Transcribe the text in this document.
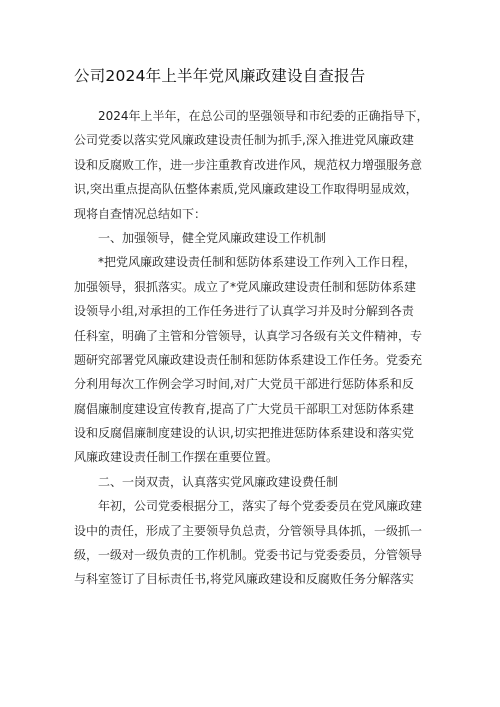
公司2024年上半年党风廉政建设自查报告
2024年上半年，在总公司的坚强领导和市纪委的正确指导下，
公司党委以落实党风廉政建设责任制为抓手,深入推进党风廉政建
设和反腐败工作，进一步注重教育改进作风，规范权力增强服务意
识,突出重点提高队伍整体素质,党风廉政建设工作取得明显成效，
现将自查情况总结如下：
一、加强领导，健全党风廉政建设工作机制
*把党风廉政建设责任制和惩防体系建设工作列入工作日程，
加强领导，狠抓落实。成立了*党风廉政建设责任制和惩防体系建
设领导小组,对承担的工作任务进行了认真学习并及时分解到各责
任科室，明确了主管和分管领导，认真学习各级有关文件精神，专
题研究部署党风廉政建设责任制和惩防体系建设工作任务。党委充
分利用每次工作例会学习时间,对广大党员干部进行惩防体系和反
腐倡廉制度建设宣传教育,提高了广大党员干部职工对惩防体系建
设和反腐倡廉制度建设的认识,切实把推进惩防体系建设和落实党
风廉政建设责任制工作摆在重要位置。
二、一岗双责，认真落实党风廉政建设费任制
年初，公司党委根据分工，落实了每个党委委员在党风廉政建
设中的责任，形成了主要领导负总责，分管领导具体抓，一级抓一
级，一级对一级负责的工作机制。党委书记与党委委员，分管领导
与科室签订了目标责任书,将党风廉政建设和反腐败任务分解落实
